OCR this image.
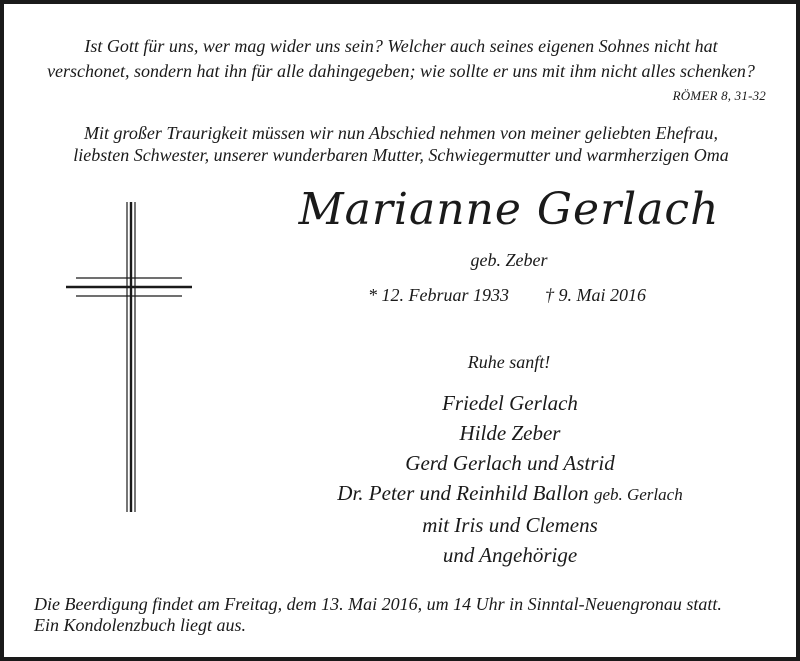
Ist Gott für uns, wer mag wider uns sein? Welcher auch seines eigenen Sohnes nicht hat
verschonet, sondern hat ihn für alle dahingegeben; wie sollte er uns mit ihm nicht alles schenken?
RÖMER 8, 31-32
Mit großer Traurigkeit müssen wir nun Abschied nehmen von meiner geliebten Ehefrau,
liebsten Schwester, unserer wunderbaren Mutter, Schwiegermutter und warmherzigen Oma
Marianne Gerlach
geb. Zeber
* 12. Februar 1933 † 9. Mai 2016
Ruhe sanft!
Friedel Gerlach
Hilde Zeber
Gerd Gerlach und Astrid
Dr. Peter und Reinhild Ballon geb. Gerlach
mit Iris und Clemens
und Angehörige
Die Beerdigung findet am Freitag, dem 13. Mai 2016, um 14 Uhr in Sinntal-Neuengronau statt.
Ein Kondolenzbuch liegt aus.
